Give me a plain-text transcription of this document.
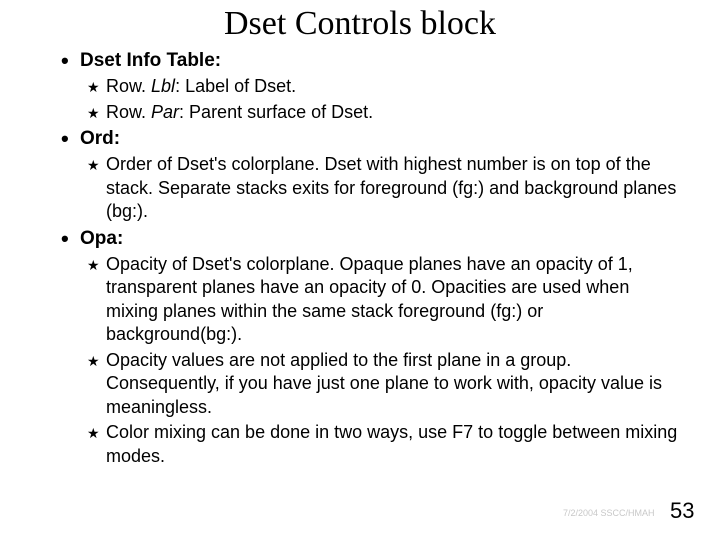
Dset Controls block
• Dset Info Table:
★ Row. Lbl: Label of Dset.
★ Row. Par: Parent surface of Dset.
• Ord:
★ Order of Dset's colorplane. Dset with highest number is on top of the stack. Separate stacks exits for foreground (fg:) and background planes (bg:).
• Opa:
★ Opacity of Dset's colorplane. Opaque planes have an opacity of 1, transparent planes have an opacity of 0. Opacities are used when mixing planes within the same stack foreground (fg:) or background(bg:).
★ Opacity values are not applied to the first plane in a group. Consequently, if you have just one plane to work with, opacity value is meaningless.
★ Color mixing can be done in two ways, use F7 to toggle between mixing modes.
7/2/2004 SSCC/HMAH 53
